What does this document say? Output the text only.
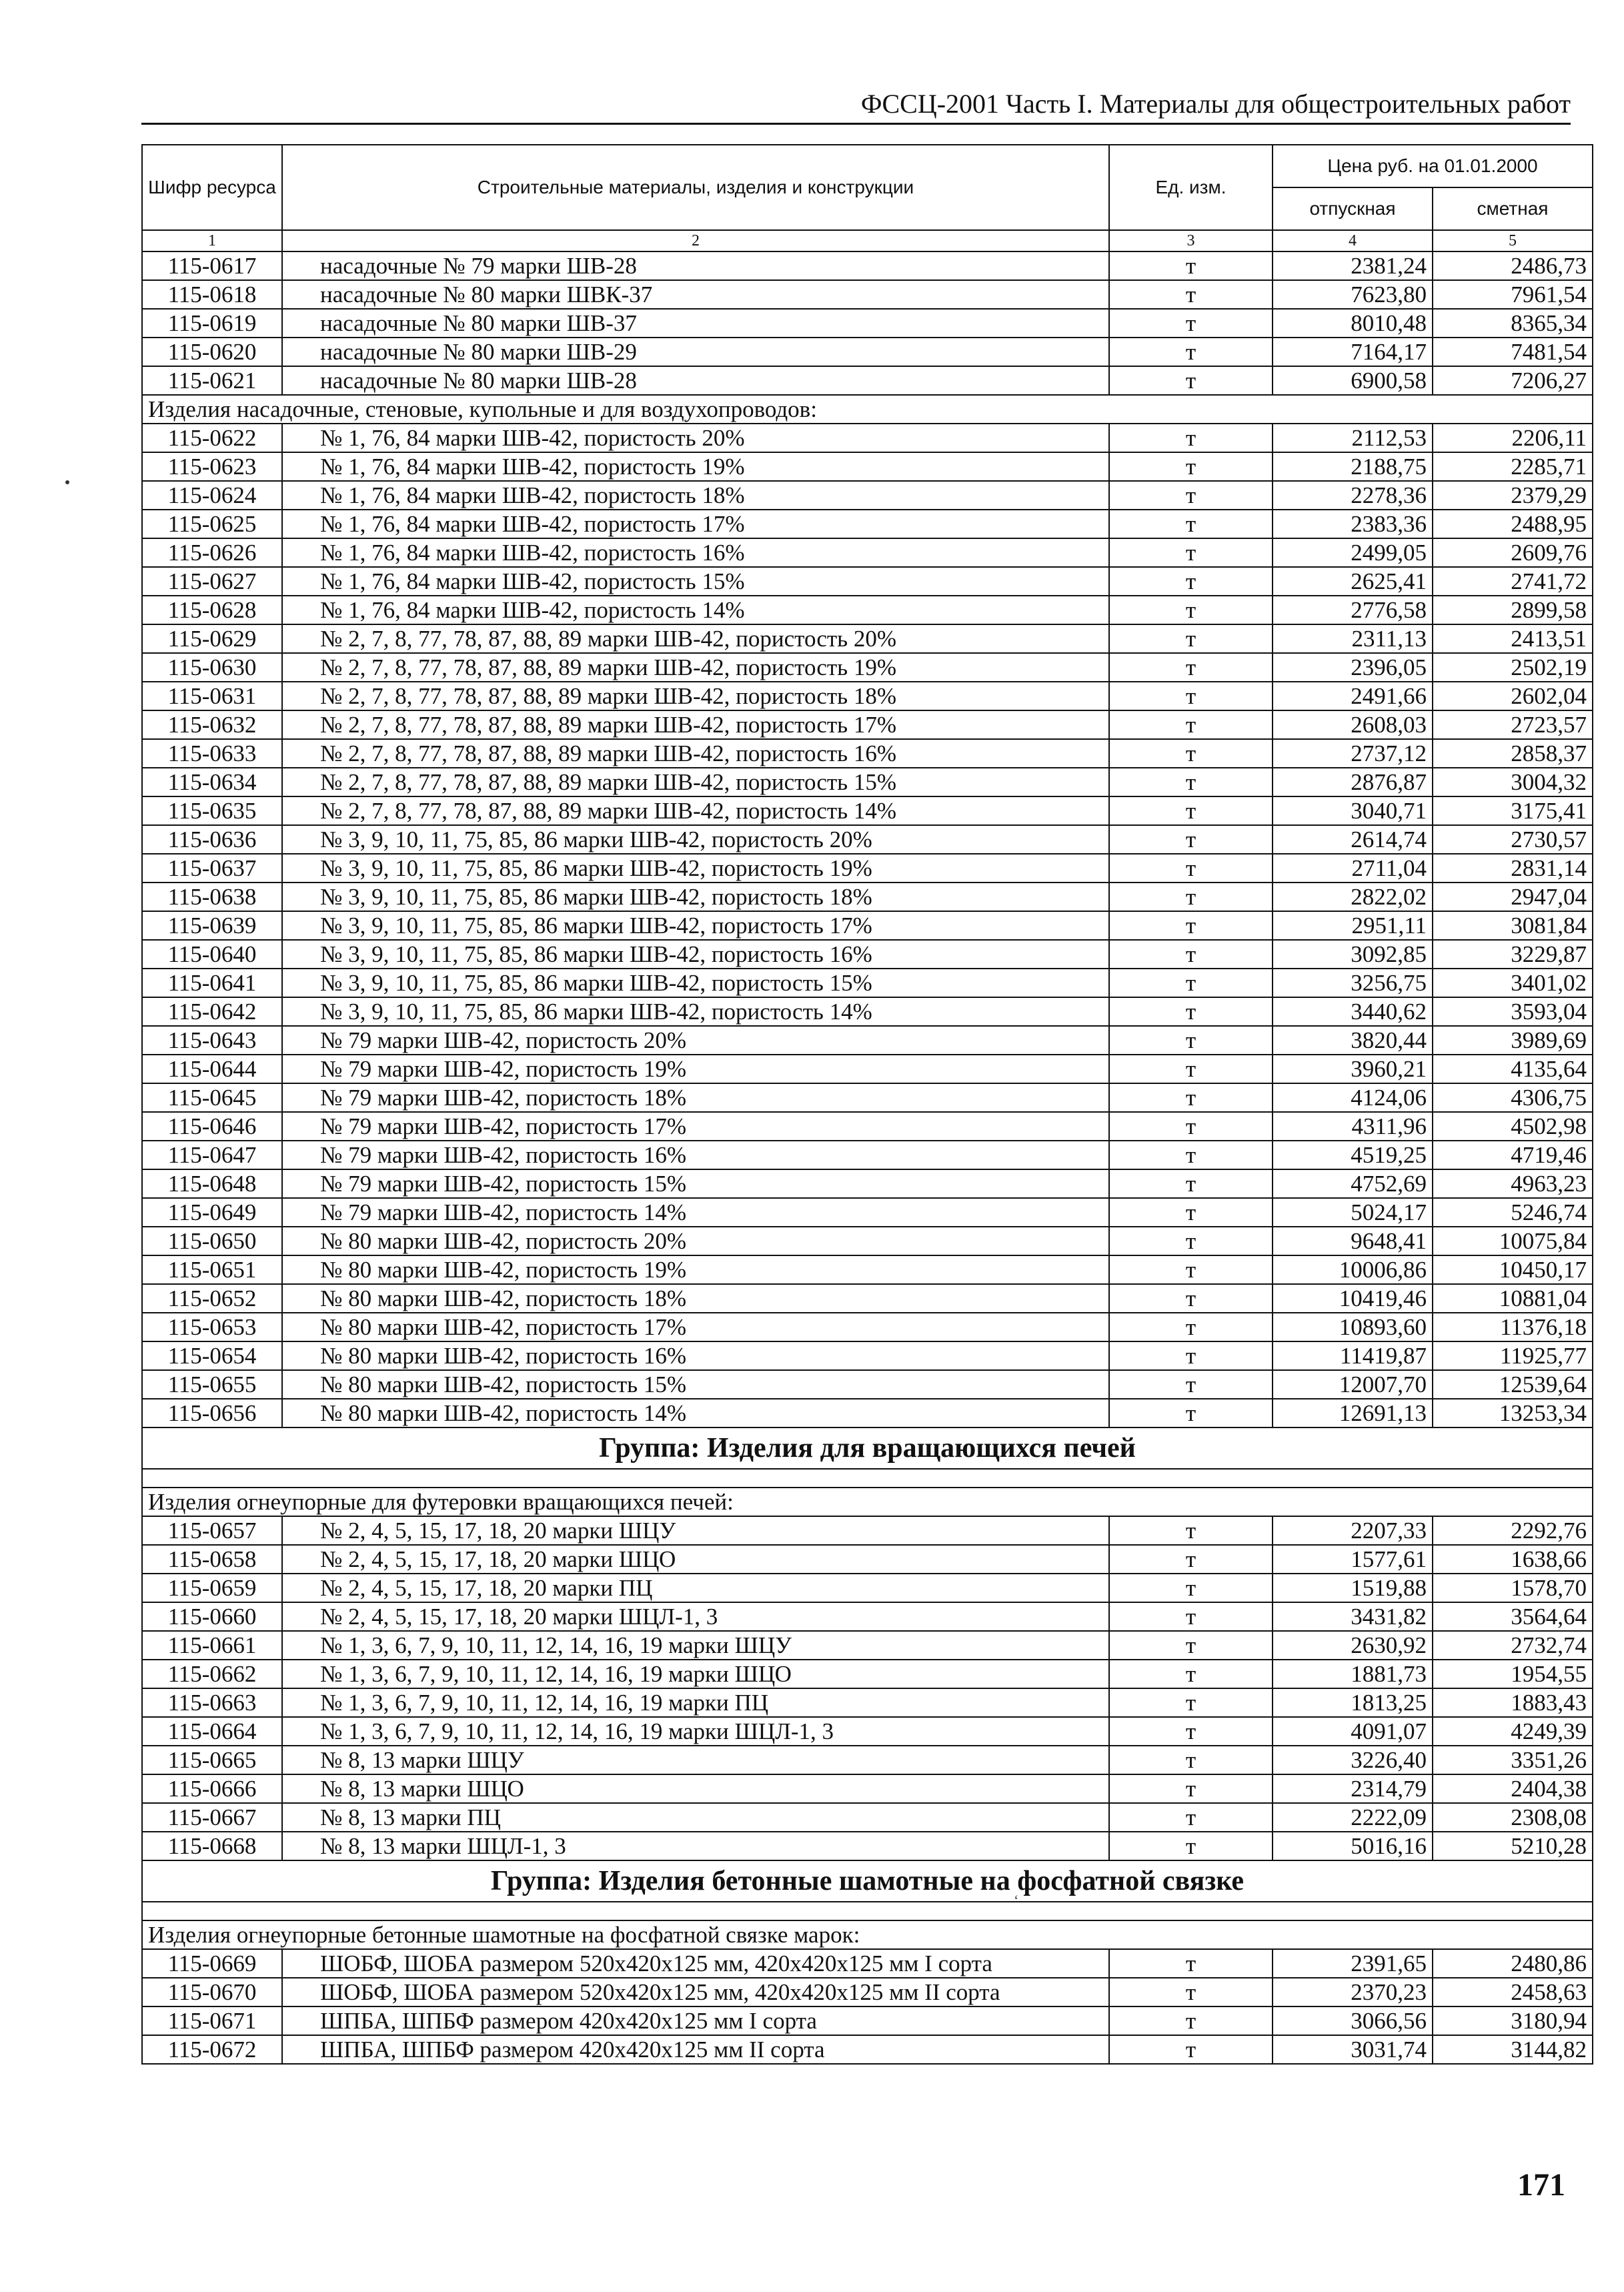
ФССЦ-2001 Часть I. Материалы для общестроительных работ
ʻ
Шифр ресурса	Строительные материалы, изделия и конструкции	Ед. изм.	Цена руб. на 01.01.2000	
			отпускная	сметная
1	2	3	4	5
115-0617	насадочные № 79 марки ШВ-28	т	2381,24	2486,73
115-0618	насадочные № 80 марки ШВК-37	т	7623,80	7961,54
115-0619	насадочные № 80 марки ШВ-37	т	8010,48	8365,34
115-0620	насадочные № 80 марки ШВ-29	т	7164,17	7481,54
115-0621	насадочные № 80 марки ШВ-28	т	6900,58	7206,27
Изделия насадочные, стеновые, купольные и для воздухопроводов:				
115-0622	№ 1, 76, 84 марки ШВ-42, пористость 20%	т	2112,53	2206,11
115-0623	№ 1, 76, 84 марки ШВ-42, пористость 19%	т	2188,75	2285,71
115-0624	№ 1, 76, 84 марки ШВ-42, пористость 18%	т	2278,36	2379,29
115-0625	№ 1, 76, 84 марки ШВ-42, пористость 17%	т	2383,36	2488,95
115-0626	№ 1, 76, 84 марки ШВ-42, пористость 16%	т	2499,05	2609,76
115-0627	№ 1, 76, 84 марки ШВ-42, пористость 15%	т	2625,41	2741,72
115-0628	№ 1, 76, 84 марки ШВ-42, пористость 14%	т	2776,58	2899,58
115-0629	№ 2, 7, 8, 77, 78, 87, 88, 89 марки ШВ-42, пористость 20%	т	2311,13	2413,51
115-0630	№ 2, 7, 8, 77, 78, 87, 88, 89 марки ШВ-42, пористость 19%	т	2396,05	2502,19
115-0631	№ 2, 7, 8, 77, 78, 87, 88, 89 марки ШВ-42, пористость 18%	т	2491,66	2602,04
115-0632	№ 2, 7, 8, 77, 78, 87, 88, 89 марки ШВ-42, пористость 17%	т	2608,03	2723,57
115-0633	№ 2, 7, 8, 77, 78, 87, 88, 89 марки ШВ-42, пористость 16%	т	2737,12	2858,37
115-0634	№ 2, 7, 8, 77, 78, 87, 88, 89 марки ШВ-42, пористость 15%	т	2876,87	3004,32
115-0635	№ 2, 7, 8, 77, 78, 87, 88, 89 марки ШВ-42, пористость 14%	т	3040,71	3175,41
115-0636	№ 3, 9, 10, 11, 75, 85, 86 марки ШВ-42, пористость 20%	т	2614,74	2730,57
115-0637	№ 3, 9, 10, 11, 75, 85, 86 марки ШВ-42, пористость 19%	т	2711,04	2831,14
115-0638	№ 3, 9, 10, 11, 75, 85, 86 марки ШВ-42, пористость 18%	т	2822,02	2947,04
115-0639	№ 3, 9, 10, 11, 75, 85, 86 марки ШВ-42, пористость 17%	т	2951,11	3081,84
115-0640	№ 3, 9, 10, 11, 75, 85, 86 марки ШВ-42, пористость 16%	т	3092,85	3229,87
115-0641	№ 3, 9, 10, 11, 75, 85, 86 марки ШВ-42, пористость 15%	т	3256,75	3401,02
115-0642	№ 3, 9, 10, 11, 75, 85, 86 марки ШВ-42, пористость 14%	т	3440,62	3593,04
115-0643	№ 79 марки ШВ-42, пористость 20%	т	3820,44	3989,69
115-0644	№ 79 марки ШВ-42, пористость 19%	т	3960,21	4135,64
115-0645	№ 79 марки ШВ-42, пористость 18%	т	4124,06	4306,75
115-0646	№ 79 марки ШВ-42, пористость 17%	т	4311,96	4502,98
115-0647	№ 79 марки ШВ-42, пористость 16%	т	4519,25	4719,46
115-0648	№ 79 марки ШВ-42, пористость 15%	т	4752,69	4963,23
115-0649	№ 79 марки ШВ-42, пористость 14%	т	5024,17	5246,74
115-0650	№ 80 марки ШВ-42, пористость 20%	т	9648,41	10075,84
115-0651	№ 80 марки ШВ-42, пористость 19%	т	10006,86	10450,17
115-0652	№ 80 марки ШВ-42, пористость 18%	т	10419,46	10881,04
115-0653	№ 80 марки ШВ-42, пористость 17%	т	10893,60	11376,18
115-0654	№ 80 марки ШВ-42, пористость 16%	т	11419,87	11925,77
115-0655	№ 80 марки ШВ-42, пористость 15%	т	12007,70	12539,64
115-0656	№ 80 марки ШВ-42, пористость 14%	т	12691,13	13253,34
Группа: Изделия для вращающихся печей				

Изделия огнеупорные для футеровки вращающихся печей:				
115-0657	№ 2, 4, 5, 15, 17, 18, 20 марки ШЦУ	т	2207,33	2292,76
115-0658	№ 2, 4, 5, 15, 17, 18, 20 марки ШЦО	т	1577,61	1638,66
115-0659	№ 2, 4, 5, 15, 17, 18, 20 марки ПЦ	т	1519,88	1578,70
115-0660	№ 2, 4, 5, 15, 17, 18, 20 марки ШЦЛ-1, 3	т	3431,82	3564,64
115-0661	№ 1, 3, 6, 7, 9, 10, 11, 12, 14, 16, 19 марки ШЦУ	т	2630,92	2732,74
115-0662	№ 1, 3, 6, 7, 9, 10, 11, 12, 14, 16, 19 марки ШЦО	т	1881,73	1954,55
115-0663	№ 1, 3, 6, 7, 9, 10, 11, 12, 14, 16, 19 марки ПЦ	т	1813,25	1883,43
115-0664	№ 1, 3, 6, 7, 9, 10, 11, 12, 14, 16, 19 марки ШЦЛ-1, 3	т	4091,07	4249,39
115-0665	№ 8, 13 марки ШЦУ	т	3226,40	3351,26
115-0666	№ 8, 13 марки ШЦО	т	2314,79	2404,38
115-0667	№ 8, 13 марки ПЦ	т	2222,09	2308,08
115-0668	№ 8, 13 марки ШЦЛ-1, 3	т	5016,16	5210,28
Группа: Изделия бетонные шамотные на фосфатной связке				

Изделия огнеупорные бетонные шамотные на фосфатной связке марок:				
115-0669	ШОБФ, ШОБА размером 520х420х125 мм, 420х420х125 мм I сорта	т	2391,65	2480,86
115-0670	ШОБФ, ШОБА размером 520х420х125 мм, 420х420х125 мм II сорта	т	2370,23	2458,63
115-0671	ШПБА, ШПБФ размером 420х420х125 мм I сорта	т	3066,56	3180,94
115-0672	ШПБА, ШПБФ размером 420х420х125 мм II сорта	т	3031,74	3144,82
171
